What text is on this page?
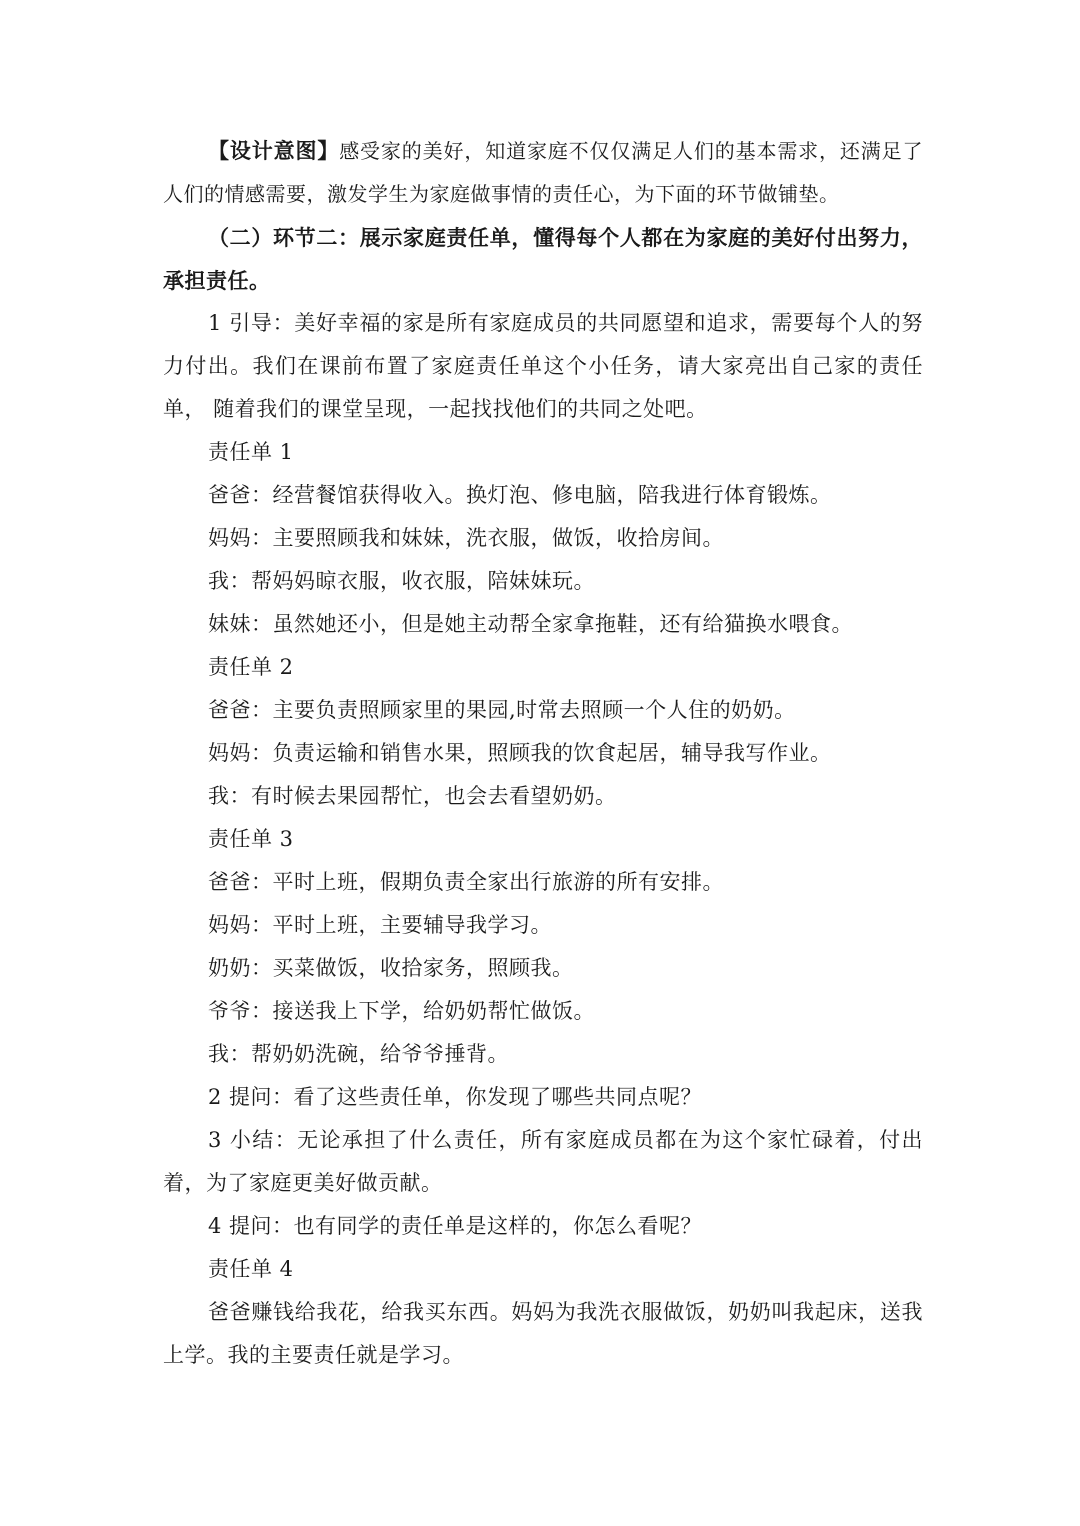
【设计意图】感受家的美好，知道家庭不仅仅满足人们的基本需求，还满足了人们的情感需要，激发学生为家庭做事情的责任心，为下面的环节做铺垫。

（二）环节二：展示家庭责任单，懂得每个人都在为家庭的美好付出努力，承担责任。

1 引导：美好幸福的家是所有家庭成员的共同愿望和追求，需要每个人的努力付出。我们在课前布置了家庭责任单这个小任务，请大家亮出自己家的责任单， 随着我们的课堂呈现，一起找找他们的共同之处吧。

责任单 1

爸爸：经营餐馆获得收入。换灯泡、修电脑，陪我进行体育锻炼。

妈妈：主要照顾我和妹妹，洗衣服，做饭，收拾房间。

我：帮妈妈晾衣服，收衣服，陪妹妹玩。

妹妹：虽然她还小，但是她主动帮全家拿拖鞋，还有给猫换水喂食。

责任单 2

爸爸：主要负责照顾家里的果园,时常去照顾一个人住的奶奶。

妈妈：负责运输和销售水果，照顾我的饮食起居，辅导我写作业。

我：有时候去果园帮忙，也会去看望奶奶。

责任单 3

爸爸：平时上班，假期负责全家出行旅游的所有安排。

妈妈：平时上班，主要辅导我学习。

奶奶：买菜做饭，收拾家务，照顾我。

爷爷：接送我上下学，给奶奶帮忙做饭。

我：帮奶奶洗碗，给爷爷捶背。

2 提问：看了这些责任单，你发现了哪些共同点呢？

3 小结：无论承担了什么责任，所有家庭成员都在为这个家忙碌着，付出着，为了家庭更美好做贡献。

4 提问：也有同学的责任单是这样的，你怎么看呢？

责任单 4

爸爸赚钱给我花，给我买东西。妈妈为我洗衣服做饭，奶奶叫我起床，送我上学。我的主要责任就是学习。
